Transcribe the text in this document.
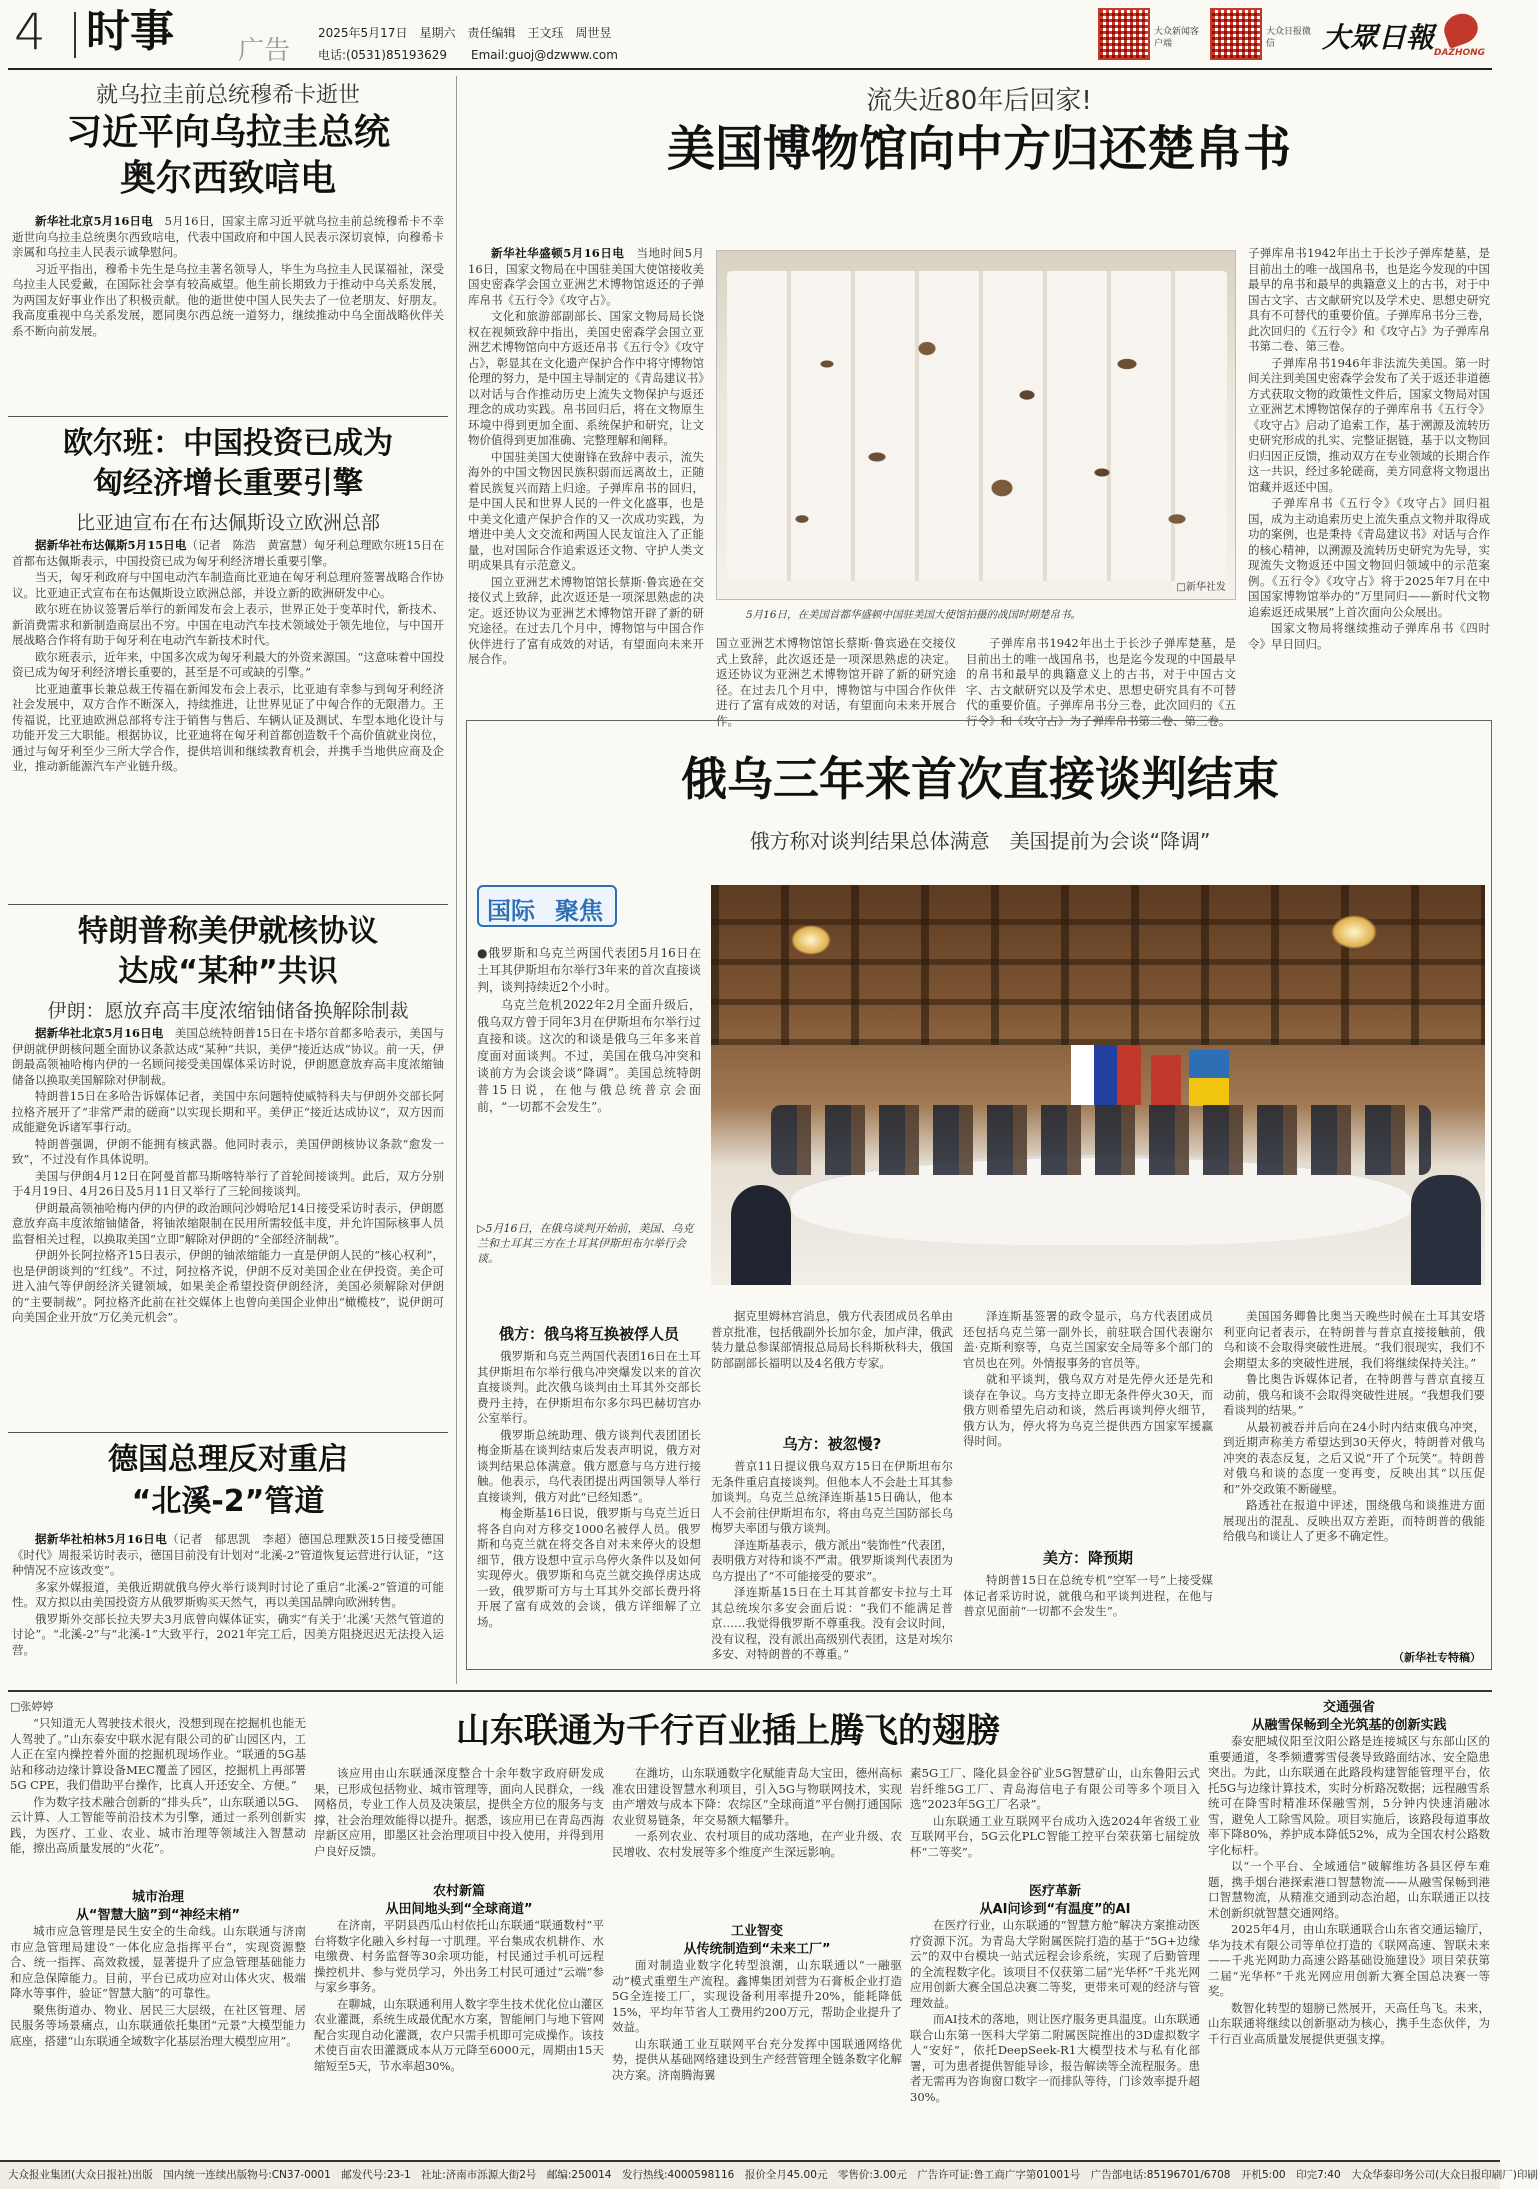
4 时事 广告
2025年5月17日　星期六　责任编辑　王文珏　周世昱
电话:(0531)85193629　　Email:guoj@dzwww.com
大众新闻客户端
大众日报微信	大眾日報 DAZHONG
就乌拉圭前总统穆希卡逝世
习近平向乌拉圭总统
奥尔西致唁电

新华社北京5月16日电　 5月16日，国家主席习近平就乌拉圭前总统穆希卡不幸逝世向乌拉圭总统奥尔西致唁电，代表中国政府和中国人民表示深切哀悼，向穆希卡亲属和乌拉圭人民表示诚挚慰问。

习近平指出，穆希卡先生是乌拉圭著名领导人，毕生为乌拉圭人民谋福祉，深受乌拉圭人民爱戴，在国际社会享有较高威望。他生前长期致力于推动中乌关系发展，为两国友好事业作出了积极贡献。他的逝世使中国人民失去了一位老朋友、好朋友。我高度重视中乌关系发展，愿同奥尔西总统一道努力，继续推动中乌全面战略伙伴关系不断向前发展。

欧尔班：中国投资已成为
匈经济增长重要引擎
比亚迪宣布在布达佩斯设立欧洲总部

据新华社布达佩斯5月15日电（记者　陈浩　黄富慧）匈牙利总理欧尔班15日在首都布达佩斯表示，中国投资已成为匈牙利经济增长重要引擎。

当天，匈牙利政府与中国电动汽车制造商比亚迪在匈牙利总理府签署战略合作协议。比亚迪正式宣布在布达佩斯设立欧洲总部，并设立新的欧洲研发中心。

欧尔班在协议签署后举行的新闻发布会上表示，世界正处于变革时代，新技术、新消费需求和新制造商层出不穷。中国在电动汽车技术领域处于领先地位，与中国开展战略合作将有助于匈牙利在电动汽车新技术时代。

欧尔班表示，近年来，中国多次成为匈牙利最大的外资来源国。“这意味着中国投资已成为匈牙利经济增长重要的，甚至是不可或缺的引擎。”

比亚迪董事长兼总裁王传福在新闻发布会上表示，比亚迪有幸参与到匈牙利经济社会发展中，双方合作不断深入，持续推进，让世界见证了中匈合作的无限潜力。王传福说，比亚迪欧洲总部将专注于销售与售后、车辆认证及测试、车型本地化设计与功能开发三大职能。根据协议，比亚迪将在匈牙利首都创造数千个高价值就业岗位，通过与匈牙利至少三所大学合作，提供培训和继续教育机会，并携手当地供应商及企业，推动新能源汽车产业链升级。

特朗普称美伊就核协议
达成“某种”共识
伊朗：愿放弃高丰度浓缩铀储备换解除制裁

据新华社北京5月16日电　 美国总统特朗普15日在卡塔尔首都多哈表示，美国与伊朗就伊朗核问题全面协议条款达成“某种”共识，美伊“接近达成”协议。前一天，伊朗最高领袖哈梅内伊的一名顾问接受美国媒体采访时说，伊朗愿意放弃高丰度浓缩铀储备以换取美国解除对伊制裁。

特朗普15日在多哈告诉媒体记者，美国中东问题特使威特科夫与伊朗外交部长阿拉格齐展开了“非常严肃的磋商”以实现长期和平。美伊正“接近达成协议”，双方因而成能避免诉诸军事行动。

特朗普强调，伊朗不能拥有核武器。他同时表示，美国伊朗核协议条款“愈发一致”，不过没有作具体说明。

美国与伊朗4月12日在阿曼首都马斯喀特举行了首轮间接谈判。此后，双方分别于4月19日、4月26日及5月11日又举行了三轮间接谈判。

伊朗最高领袖哈梅内伊的内伊的政治顾问沙姆哈尼14日接受采访时表示，伊朗愿意放弃高丰度浓缩铀储备，将铀浓缩限制在民用所需较低丰度，并允许国际核事人员监督相关过程，以换取美国“立即”解除对伊朗的“全部经济制裁”。

伊朗外长阿拉格齐15日表示，伊朗的铀浓缩能力一直是伊朗人民的“核心权利”，也是伊朗谈判的“红线”。不过，阿拉格齐说，伊朗不反对美国企业在伊投资。美企可进入油气等伊朗经济关键领域，如果美企希望投资伊朗经济，美国必须解除对伊朗的“主要制裁”。阿拉格齐此前在社交媒体上也曾向美国企业伸出“橄榄枝”，说伊朗可向美国企业开放“万亿美元机会”。

德国总理反对重启
“北溪-2”管道

据新华社柏林5月16日电（记者　郁思凯　李超）德国总理默茨15日接受德国《时代》周报采访时表示，德国目前没有计划对“北溪-2”管道恢复运营进行认证，“这种情况不应该改变”。

多家外媒报道，美俄近期就俄乌停火举行谈判时讨论了重启“北溪-2”管道的可能性。双方拟以由美国投资方从俄罗斯购买天然气，再以美国品牌向欧洲转售。

俄罗斯外交部长拉夫罗夫3月底曾向媒体证实，确实“有关于‘北溪’天然气管道的讨论”。“北溪-2”与“北溪-1”大致平行，2021年完工后，因美方阻挠迟迟无法投入运营。

流失近80年后回家!
美国博物馆向中方归还楚帛书

新华社华盛顿5月16日电　 当地时间5月16日，国家文物局在中国驻美国大使馆接收美国史密森学会国立亚洲艺术博物馆返还的子弹库帛书《五行令》《攻守占》。

文化和旅游部副部长、国家文物局局长饶权在视频致辞中指出，美国史密森学会国立亚洲艺术博物馆向中方返还帛书《五行令》《攻守占》，彰显其在文化遗产保护合作中将守博物馆伦理的努力，是中国主导制定的《青岛建议书》以对话与合作推动历史上流失文物保护与返还理念的成功实践。帛书回归后，将在文物原生环境中得到更加全面、系统保护和研究，让文物价值得到更加准确、完整理解和阐释。

中国驻美国大使谢锋在致辞中表示，流失海外的中国文物因民族积弱而远离故土，正随着民族复兴而踏上归途。子弹库帛书的回归，是中国人民和世界人民的一件文化盛事，也是中美文化遗产保护合作的又一次成功实践，为增进中美人文交流和两国人民友谊注入了正能量，也对国际合作追索返还文物、守护人类文明成果具有示范意义。

国立亚洲艺术博物馆馆长蔡斯·鲁宾逊在交接仪式上致辞，此次返还是一项深思熟虑的决定。返还协议为亚洲艺术博物馆开辟了新的研究途径。在过去几个月中，博物馆与中国合作伙伴进行了富有成效的对话，有望面向未来开展合作。

□新华社发
5月16日，在美国首都华盛顿中国驻美国大使馆拍摄的战国时期楚帛书。

国立亚洲艺术博物馆馆长蔡斯·鲁宾逊在交接仪式上致辞，此次返还是一项深思熟虑的决定。返还协议为亚洲艺术博物馆开辟了新的研究途径。在过去几个月中，博物馆与中国合作伙伴进行了富有成效的对话，有望面向未来开展合作。

子弹库帛书1942年出土于长沙子弹库楚墓，是目前出土的唯一战国帛书，也是迄今发现的中国最早的帛书和最早的典籍意义上的古书，对于中国古文字、古文献研究以及学术史、思想史研究具有不可替代的重要价值。子弹库帛书分三卷，此次回归的《五行令》和《攻守占》为子弹库帛书第二卷、第三卷。

子弹库帛书1942年出土于长沙子弹库楚墓，是目前出土的唯一战国帛书，也是迄今发现的中国最早的帛书和最早的典籍意义上的古书，对于中国古文字、古文献研究以及学术史、思想史研究具有不可替代的重要价值。子弹库帛书分三卷，此次回归的《五行令》和《攻守占》为子弹库帛书第二卷、第三卷。

子弹库帛书1946年非法流失美国。第一时间关注到美国史密森学会发布了关于返还非道德方式获取文物的政策性文件后，国家文物局对国立亚洲艺术博物馆保存的子弹库帛书《五行令》《攻守占》启动了追索工作，基于溯源及流转历史研究形成的扎实、完整证据链，基于以文物回归归因正反馈，推动双方在专业领域的长期合作这一共识，经过多轮磋商，美方同意将文物退出馆藏并返还中国。

子弹库帛书《五行令》《攻守占》回归祖国，成为主动追索历史上流失重点文物并取得成功的案例，也是秉持《青岛建议书》对话与合作的核心精神，以溯源及流转历史研究为先导，实现流失文物返还中国文物回归领域中的示范案例。《五行令》《攻守占》将于2025年7月在中国国家博物馆举办的“万里同归——新时代文物追索返还成果展”上首次面向公众展出。

国家文物局将继续推动子弹库帛书《四时令》早日回归。

俄乌三年来首次直接谈判结束
俄方称对谈判结果总体满意　美国提前为会谈“降调”
国际 聚焦

●俄罗斯和乌克兰两国代表团5月16日在土耳其伊斯坦布尔举行3年来的首次直接谈判，谈判持续近2个小时。

乌克兰危机2022年2月全面升级后，俄乌双方曾于同年3月在伊斯坦布尔举行过直接和谈。这次的和谈是俄乌三年多来首度面对面谈判。不过，美国在俄乌冲突和谈前方为会谈会谈“降调”。美国总统特朗普15日说，在他与俄总统普京会面前，“一切都不会发生”。

▷5月16日，在俄乌谈判开始前，美国、乌克兰和土耳其三方在土耳其伊斯坦布尔举行会谈。
俄方：俄乌将互换被俘人员

俄罗斯和乌克兰两国代表团16日在土耳其伊斯坦布尔举行俄乌冲突爆发以来的首次直接谈判。此次俄乌谈判由土耳其外交部长费丹主持，在伊斯坦布尔多尔玛巴赫切宫办公室举行。

俄罗斯总统助理、俄方谈判代表团团长梅金斯基在谈判结束后发表声明说，俄方对谈判结果总体满意。俄方愿意与乌方进行接触。他表示，乌代表团提出两国领导人举行直接谈判，俄方对此“已经知悉”。

梅金斯基16日说，俄罗斯与乌克兰近日将各自向对方移交1000名被俘人员。俄罗斯和乌克兰就在将交各自对未来停火的设想细节，俄方设想中宣示乌停火条件以及如何实现停火。俄罗斯和乌克兰就交换俘虏达成一致，俄罗斯可方与土耳其外交部长费丹将开展了富有成效的会谈，俄方详细解了立场。

据克里姆林宫消息，俄方代表团成员名单由普京批准，包括俄副外长加尔金，加卢津，俄武装力量总参谋部情报总局局长科斯秋科夫，俄国防部副部长福明以及4名俄方专家。

乌方：被忽慢?

普京11日提议俄乌双方15日在伊斯坦布尔无条件重启直接谈判。但他本人不会赴土耳其参加谈判。乌克兰总统泽连斯基15日确认，他本人不会前往伊斯坦布尔，将由乌克兰国防部长乌梅罗夫率团与俄方谈判。

泽连斯基表示，俄方派出“装饰性”代表团，表明俄方对待和谈不严肃。俄罗斯谈判代表团为乌方提出了“不可能接受的要求”。

泽连斯基15日在土耳其首都安卡拉与土耳其总统埃尔多安会面后说：“我们不能满足普京……我觉得俄罗斯不尊重我。没有会议时间，没有议程，没有派出高级别代表团，这是对埃尔多安、对特朗普的不尊重。”

泽连斯基签署的政令显示，乌方代表团成员还包括乌克兰第一副外长，前驻联合国代表谢尔盖·克斯利察等，乌克兰国家安全局等多个部门的官员也在列。外情报事务的官员等。

就和平谈判，俄乌双方对是先停火还是先和谈存在争议。乌方支持立即无条件停火30天，而俄方则希望先启动和谈，然后再谈判停火细节，俄方认为，停火将为乌克兰提供西方国家军援赢得时间。

美方：降预期

特朗普15日在总统专机“空军一号”上接受媒体记者采访时说，就俄乌和平谈判进程，在他与普京见面前“一切都不会发生”。

美国国务卿鲁比奥当天晚些时候在土耳其安塔利亚向记者表示，在特朗普与普京直接接触前，俄乌和谈不会取得突破性进展。“我们很现实，我们不会期望太多的突破性进展，我们将继续保持关注。”

鲁比奥告诉媒体记者，在特朗普与普京直接互动前，俄乌和谈不会取得突破性进展。“我想我们要看谈判的结果。”

从最初被吞并后向在24小时内结束俄乌冲突，到近期声称美方希望达到30天停火，特朗普对俄乌冲突的表态反复，之后又说“开了个玩笑”。特朗普对俄乌和谈的态度一变再变，反映出其“以压促和”外交政策不断碰壁。

路透社在报道中评述，围绕俄乌和谈推进方面展现出的混乱、反映出双方差距，而特朗普的俄能给俄乌和谈让人了更多不确定性。

（新华社专特稿）
□张婷婷
山东联通为千行百业插上腾飞的翅膀

“只知道无人驾驶技术很火，没想到现在挖掘机也能无人驾驶了。”山东泰安中联水泥有限公司的矿山园区内，工人正在室内操控着外面的挖掘机现场作业。“联通的5G基站和移动边缘计算设备MEC覆盖了园区，挖掘机上再部署5G CPE，我们借助平台操作，比真人开还安全、方便。”

作为数字技术融合创新的“排头兵”，山东联通以5G、云计算、人工智能等前沿技术为引擎，通过一系列创新实践，为医疗、工业、农业、城市治理等领域注入智慧动能，擦出高质量发展的“火花”。

城市治理
从“智慧大脑”到“神经末梢”

城市应急管理是民生安全的生命线。山东联通与济南市应急管理局建设“一体化应急指挥平台”，实现资源整合、统一指挥、高效救援，显著提升了应急管理基础能力和应急保障能力。目前，平台已成功应对山体火灾、极端降水等事件，验证“智慧大脑”的可靠性。

聚焦街道办、物业、居民三大层级，在社区管理、居民服务等场景痛点，山东联通依托集团“元景”大模型能力底座，搭建“山东联通全域数字化基层治理大模型应用”。

该应用由山东联通深度整合十余年数字政府研发成果，已形成包括物业、城市管理等，面向人民群众，一线网格员，专业工作人员及决策层，提供全方位的服务与支撑，社会治理效能得以提升。据悉，该应用已在青岛西海岸新区应用，即墨区社会治理项目中投入使用，并得到用户良好反馈。

农村新篇
从田间地头到“全球商道”

在济南，平阴县西瓜山村依托山东联通“联通数村”平台将数字化融入乡村每一寸肌理。平台集成农机耕作、水电缴费、村务监督等30余项功能，村民通过手机可远程操控机井、参与党员学习，外出务工村民可通过“云端”参与家乡事务。

在聊城，山东联通利用人数字孪生技术优化位山灌区农业灌溉，系统生成最优配水方案，智能闸门与地下管网配合实现自动化灌溉，农户只需手机即可完成操作。该技术使百亩农田灌溉成本从万元降至6000元，周期由15天缩短至5天，节水率超30%。

在潍坊，山东联通数字化赋能青岛大宝田，德州高标准农田建设智慧水利项目，引入5G与物联网技术，实现由产增效与成本下降：农综区“全球商道”平台侧打通国际农业贸易链条，年交易额大幅攀升。

一系列农业、农村项目的成功落地，在产业升级、农民增收、农村发展等多个维度产生深远影响。

工业智变
从传统制造到“未来工厂”

面对制造业数字化转型浪潮，山东联通以“一融驱动”模式重塑生产流程。鑫博集团刘营为石膏板企业打造5G全连接工厂，实现设备利用率提升20%，能耗降低15%，平均年节省人工费用约200万元，帮助企业提升了效益。

山东联通工业互联网平台充分发挥中国联通网络优势，提供从基础网络建设到生产经营管理全链条数字化解决方案。济南腾海翼

素5G工厂、隆化县金谷矿业5G智慧矿山，山东鲁阳云式岩纤维5G工厂、青岛海信电子有限公司等多个项目入选“2023年5G工厂名录”。

山东联通工业互联网平台成功入选2024年省级工业互联网平台，5G云化PLC智能工控平台荣获第七届绽放杯“二等奖”。

医疗革新
从AI问诊到“有温度”的AI

在医疗行业，山东联通的“智慧方舱”解决方案推动医疗资源下沉。为青岛大学附属医院打造的基于“5G+边缘云”的双中台模块一站式远程会诊系统，实现了后勤管理的全流程数字化。该项目不仅获第二届“光华杯”千兆光网应用创新大赛全国总决赛二等奖，更带来可观的经济与管理效益。

而AI技术的落地，则让医疗服务更具温度。山东联通联合山东第一医科大学第二附属医院推出的3D虚拟数字人“安好”，依托DeepSeek-R1大模型技术与私有化部署，可为患者提供智能导诊，报告解读等全流程服务。患者无需再为咨询窗口数字一而排队等待，门诊效率提升超30%。

交通强省
从融雪保畅到全光筑基的创新实践

泰安肥城仪阳至汶阳公路是连接城区与东部山区的重要通道，冬季频遭雾雪侵袭导致路面结冰、安全隐患突出。为此，山东联通在此路段构建智能管理平台，依托5G与边缘计算技术，实时分析路况数据；远程融雪系统可在降雪时精准环保融雪剂，5分钟内快速消融冰雪，避免人工除雪风险。项目实施后，该路段每道事故率下降80%，养护成本降低52%，成为全国农村公路数字化标杆。

以“一个平台、全域通信”破解维坊各县区停车难题，携手烟台港探索港口智慧物流——从融雪保畅到港口智慧物流，从精准交通到动态治超，山东联通正以技术创新织就智慧交通网络。

2025年4月，由山东联通联合山东省交通运输厅，华为技术有限公司等单位打造的《联网高速、智联未来——千兆光网助力高速公路基础设施建设》项目荣获第二届“光华杯”千兆光网应用创新大赛全国总决赛一等奖。

数智化转型的翅膀已然展开，天高任鸟飞。未来，山东联通将继续以创新驱动为核心，携手生态伙伴，为千行百业高质量发展提供更强支撑。

大众报业集团(大众日报社)出版　国内统一连续出版物号:CN37-0001　邮发代号:23-1　社址:济南市泺源大街2号　邮编:250014　发行热线:4000598116　报价全月45.00元　零售价:3.00元　广告许可证:鲁工商广字第01001号　广告部电话:85196701/6708　开机5:00　印完7:40　大众华泰印务公司(大众日报印刷厂)印刷
